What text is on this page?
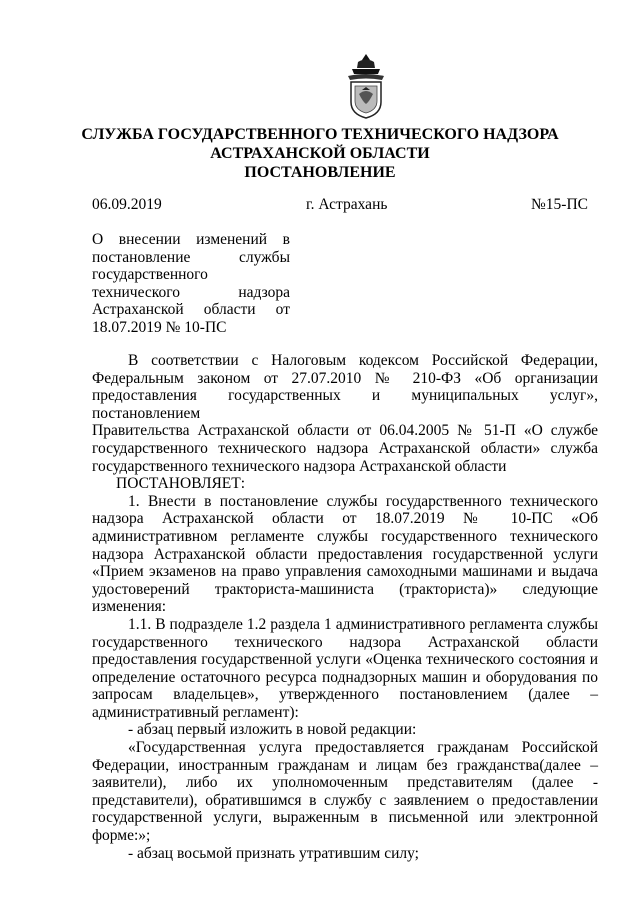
СЛУЖБА ГОСУДАРСТВЕННОГО ТЕХНИЧЕСКОГО НАДЗОРА
АСТРАХАНСКОЙ ОБЛАСТИ
ПОСТАНОВЛЕНИЕ
06.09.2019	г. Астрахань	№15-ПС
О внесении изменений в
постановление службы
государственного
технического надзора
Астраханской области от
18.07.2019 № 10-ПС
В соответствии с Налоговым кодексом Российской Федерации,
Федеральным законом от 27.07.2010 № 210-ФЗ «Об организации
предоставления государственных и муниципальных услуг», постановлением
Правительства Астраханской области от 06.04.2005 № 51-П «О службе
государственного технического надзора Астраханской области» служба
государственного технического надзора Астраханской области
ПОСТАНОВЛЯЕТ:
1. Внести в постановление службы государственного технического
надзора Астраханской области от 18.07.2019 № 10-ПС «Об
административном регламенте службы государственного технического
надзора Астраханской области предоставления государственной услуги
«Прием экзаменов на право управления самоходными машинами и выдача
удостоверений тракториста-машиниста (тракториста)» следующие
изменения:
1.1. В подразделе 1.2 раздела 1 административного регламента службы
государственного технического надзора Астраханской области
предоставления государственной услуги «Оценка технического состояния и
определение остаточного ресурса поднадзорных машин и оборудования по
запросам владельцев», утвержденного постановлением (далее –
административный регламент):
- абзац первый изложить в новой редакции:
«Государственная услуга предоставляется гражданам Российской
Федерации, иностранным гражданам и лицам без гражданства(далее –
заявители), либо их уполномоченным представителям (далее -
представители), обратившимся в службу с заявлением о предоставлении
государственной услуги, выраженным в письменной или электронной
форме:»;
- абзац восьмой признать утратившим силу;
